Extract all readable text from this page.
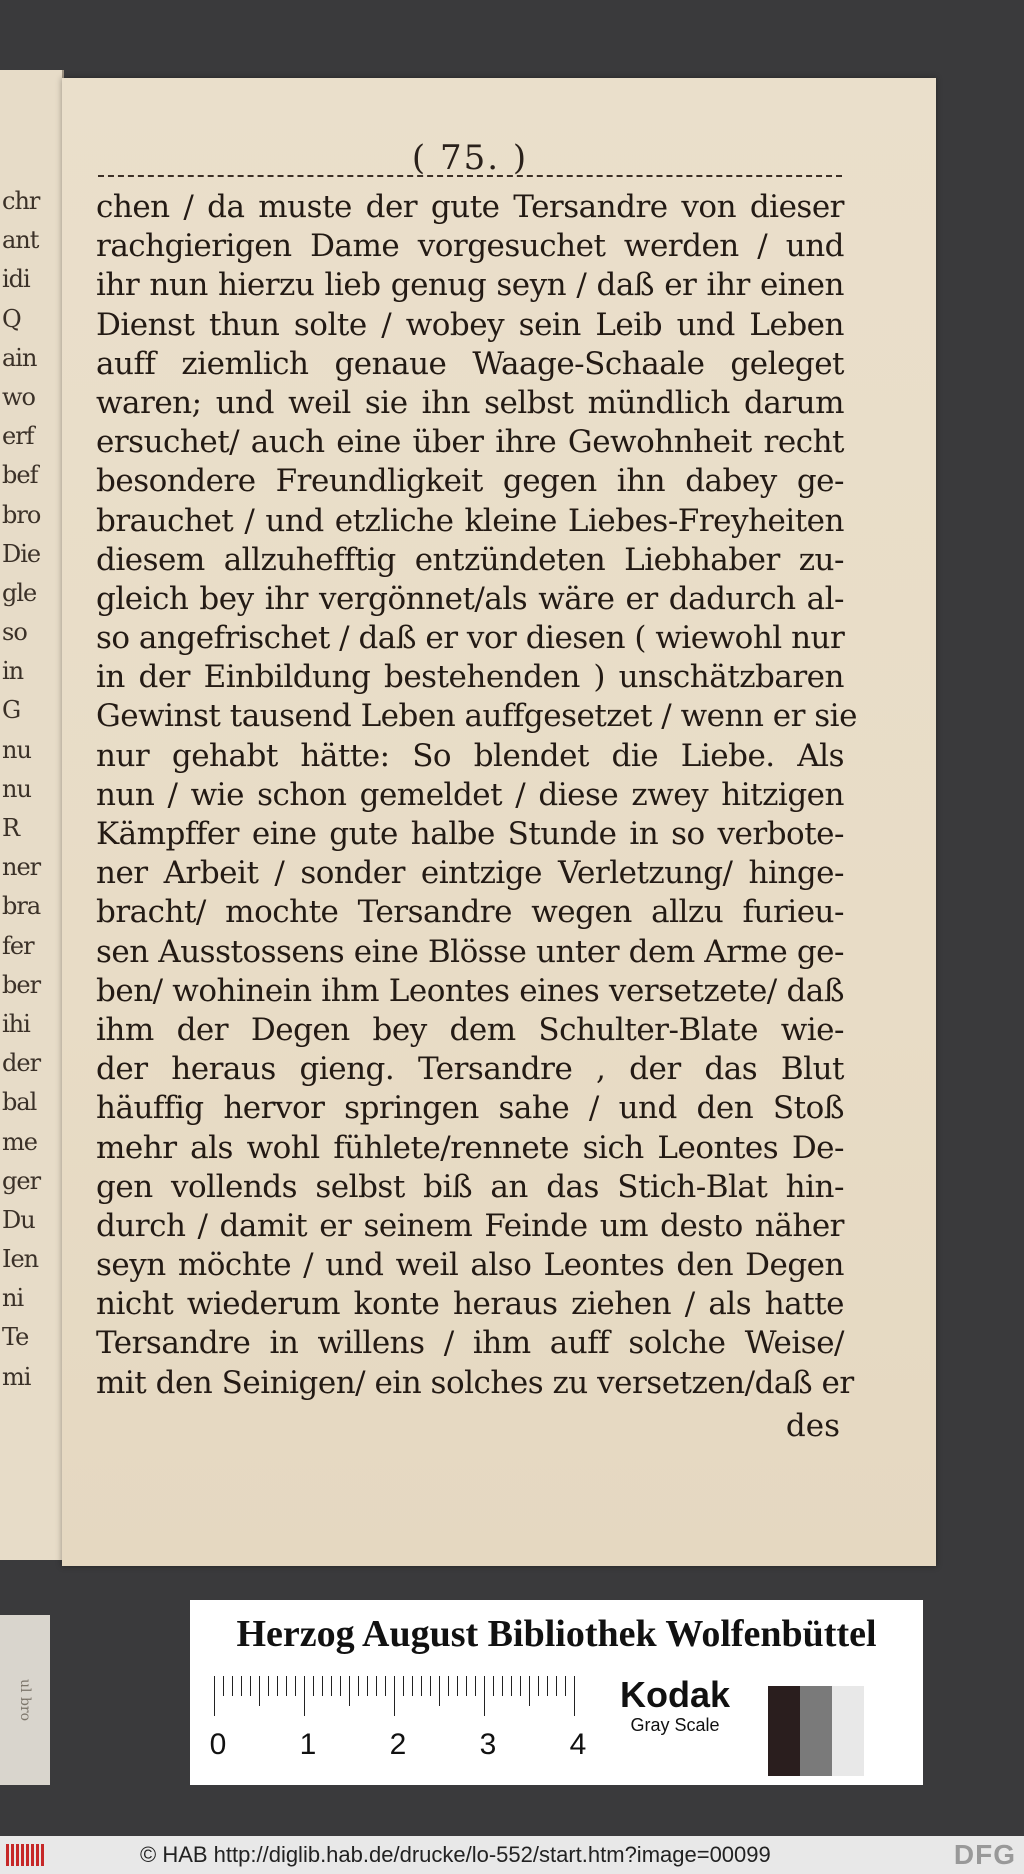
chr
ant
idi
Q
ain
wo
erf
bef
bro
Die
gle
so
in
G
nu
nu
R
ner
bra
fer
ber
ihi
der
bal
me
ger
Du
Ien
ni
Te
mi
ul bro
( 75. )
chen / da muste der gute Tersandre von dieser
rachgierigen Dame vorgesuchet werden / und
ihr nun hierzu lieb genug seyn / daß er ihr einen
Dienst thun solte / wobey sein Leib und Leben
auff ziemlich genaue Waage-Schaale geleget
waren; und weil sie ihn selbst mündlich darum
ersuchet/ auch eine über ihre Gewohnheit recht
besondere Freundligkeit gegen ihn dabey ge-
brauchet / und etzliche kleine Liebes-Freyheiten
diesem allzuhefftig entzündeten Liebhaber zu-
gleich bey ihr vergönnet/als wäre er dadurch al-
so angefrischet / daß er vor diesen ( wiewohl nur
in der Einbildung bestehenden ) unschätzbaren
Gewinst tausend Leben auffgesetzet / wenn er sie
nur gehabt hätte: So blendet die Liebe. Als
nun / wie schon gemeldet / diese zwey hitzigen
Kämpffer eine gute halbe Stunde in so verbote-
ner Arbeit / sonder eintzige Verletzung/ hinge-
bracht/ mochte Tersandre wegen allzu furieu-
sen Ausstossens eine Blösse unter dem Arme ge-
ben/ wohinein ihm Leontes eines versetzete/ daß
ihm der Degen bey dem Schulter-Blate wie-
der heraus gieng. Tersandre , der das Blut
häuffig hervor springen sahe / und den Stoß
mehr als wohl fühlete/rennete sich Leontes De-
gen vollends selbst biß an das Stich-Blat hin-
durch / damit er seinem Feinde um desto näher
seyn möchte / und weil also Leontes den Degen
nicht wiederum konte heraus ziehen / als hatte
Tersandre in willens / ihm auff solche Weise/
mit den Seinigen/ ein solches zu versetzen/daß er
des
Herzog August Bibliothek Wolfenbüttel
0 1 2 3 4
Kodak
Gray Scale
© HAB http://diglib.hab.de/drucke/lo-552/start.htm?image=00099	DFG
